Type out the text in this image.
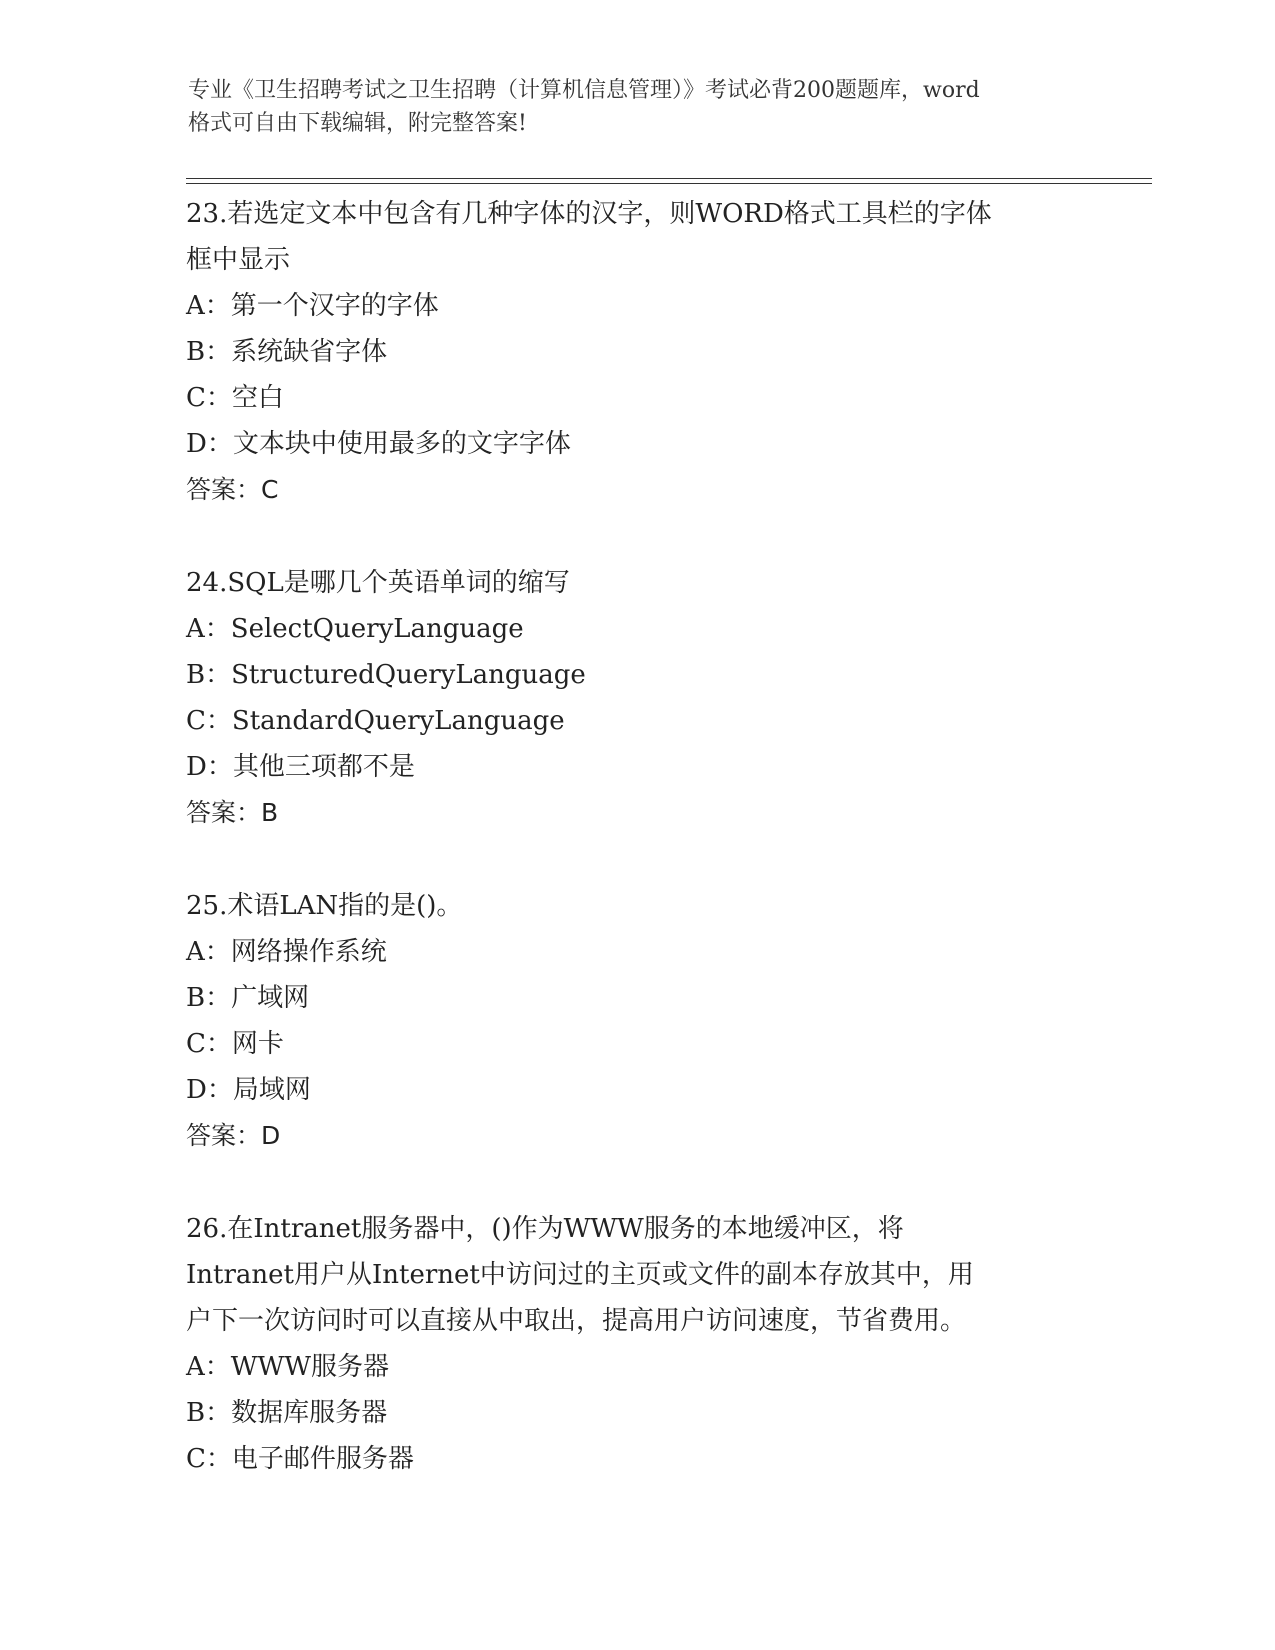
专业《卫生招聘考试之卫生招聘（计算机信息管理）》考试必背200题题库，word
格式可自由下载编辑，附完整答案!
23.若选定文本中包含有几种字体的汉字，则WORD格式工具栏的字体
框中显示
A：第一个汉字的字体
B：系统缺省字体
C：空白
D：文本块中使用最多的文字字体
答案：C
24.SQL是哪几个英语单词的缩写
A：SelectQueryLanguage
B：StructuredQueryLanguage
C：StandardQueryLanguage
D：其他三项都不是
答案：B
25.术语LAN指的是()。
A：网络操作系统
B：广域网
C：网卡
D：局域网
答案：D
26.在Intranet服务器中，()作为WWW服务的本地缓冲区，将
Intranet用户从Internet中访问过的主页或文件的副本存放其中，用
户下一次访问时可以直接从中取出，提高用户访问速度，节省费用。
A：WWW服务器
B：数据库服务器
C：电子邮件服务器
